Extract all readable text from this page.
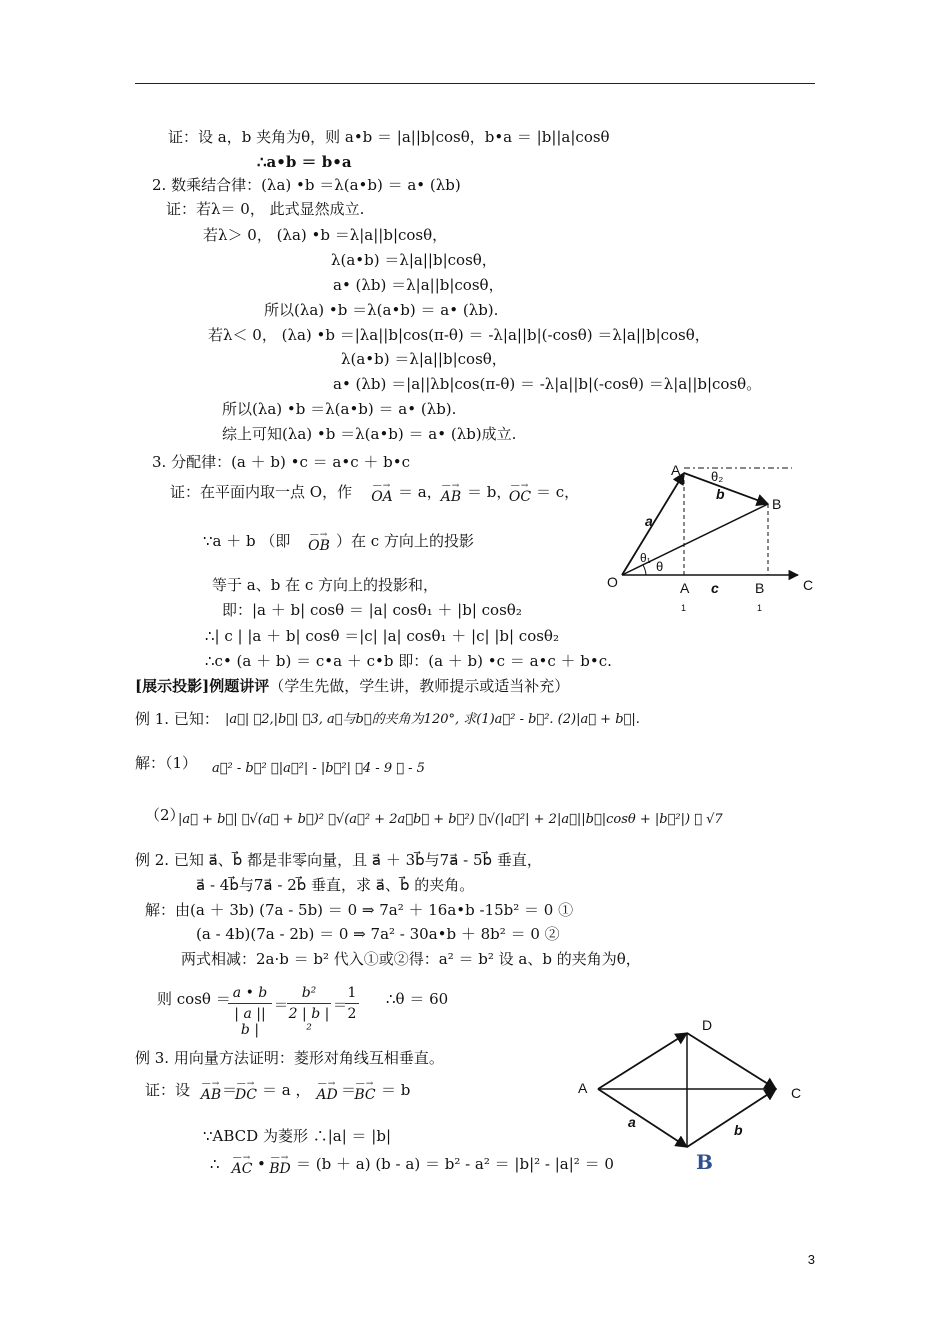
证：设 a，b 夹角为θ，则 a•b ＝ |a||b|cosθ，b•a ＝ |b||a|cosθ
∴a•b ＝ b•a
2. 数乘结合律：(λa) •b ＝λ(a•b) ＝ a• (λb)
证：若λ＝ 0， 此式显然成立.
若λ＞ 0， (λa) •b ＝λ|a||b|cosθ，
λ(a•b) ＝λ|a||b|cosθ，
a• (λb) ＝λ|a||b|cosθ，
所以(λa) •b ＝λ(a•b) ＝ a• (λb).
若λ＜ 0， (λa) •b ＝|λa||b|cos(π-θ) ＝ -λ|a||b|(-cosθ) ＝λ|a||b|cosθ，
λ(a•b) ＝λ|a||b|cosθ，
a• (λb) ＝|a||λb|cos(π-θ) ＝ -λ|a||b|(-cosθ) ＝λ|a||b|cosθ。
所以(λa) •b ＝λ(a•b) ＝ a• (λb).
综上可知(λa) •b ＝λ(a•b) ＝ a• (λb)成立.
3. 分配律：(a ＋ b) •c ＝ a•c ＋ b•c
证：在平面内取一点 O，作	—→
OA ＝ a， —→
AB ＝ b， —→
OC ＝ c，
∵a ＋ b （即	—→
OB ）在 c 方向上的投影
等于 a、b 在 c 方向上的投影和，
即：|a ＋ b| cosθ ＝ |a| cosθ₁ ＋ |b| cosθ₂
∴| c | |a ＋ b| cosθ ＝|c| |a| cosθ₁ ＋ |c| |b| cosθ₂
∴c• (a ＋ b) ＝ c•a ＋ c•b 即：(a ＋ b) •c ＝ a•c ＋ b•c.
A θ₂
b
B
a
θ₁
θ
O	A
1
c	B
1
C
[展示投影]例题讲评（学生先做，学生讲，教师提示或适当补充）
例 1. 已知： |a⃗| ＝2,|b⃗| ＝3, a⃗与b⃗的夹角为120°, 求(1)a⃗² - b⃗². (2)|a⃗ + b⃗|.
解：（1） a⃗² - b⃗² ＝|a⃗²| - |b⃗²| ＝4 - 9 ＝ - 5
（2）
|a⃗ + b⃗| ＝√(a⃗ + b⃗)² ＝√(a⃗² + 2a⃗b⃗ + b⃗²) ＝√(|a⃗²| + 2|a⃗||b⃗|cosθ + |b⃗²|) ＝ √7
例 2. 已知 a⃗、b⃗ 都是非零向量，且 a⃗ ＋ 3b⃗与7a⃗ - 5b⃗ 垂直，
a⃗ - 4b⃗与7a⃗ - 2b⃗ 垂直，求 a⃗、b⃗ 的夹角。
解：由(a ＋ 3b) (7a - 5b) ＝ 0 ⇒ 7a² ＋ 16a•b -15b² ＝ 0 ①
(a - 4b)(7a - 2b) ＝ 0 ⇒ 7a² - 30a•b ＋ 8b² ＝ 0 ②
两式相减：2a·b ＝ b² 代入①或②得：a² ＝ b² 设 a、b 的夹角为θ，
则 cosθ ＝ a • b
| a || b |
＝
b²
2 | b |²
＝
1
2
∴θ ＝ 60
例 3. 用向量方法证明：菱形对角线互相垂直。
证：设	—→
AB ＝ —→
DC ＝ a ， —→
AD ＝ —→
BC ＝ b
∵ABCD 为菱形 ∴|a| ＝ |b|
∴	—→
AC • —→
BD ＝ (b ＋ a) (b - a) ＝ b² - a² ＝ |b|² - |a|² ＝ 0
D
A	C
a	b
B
3
